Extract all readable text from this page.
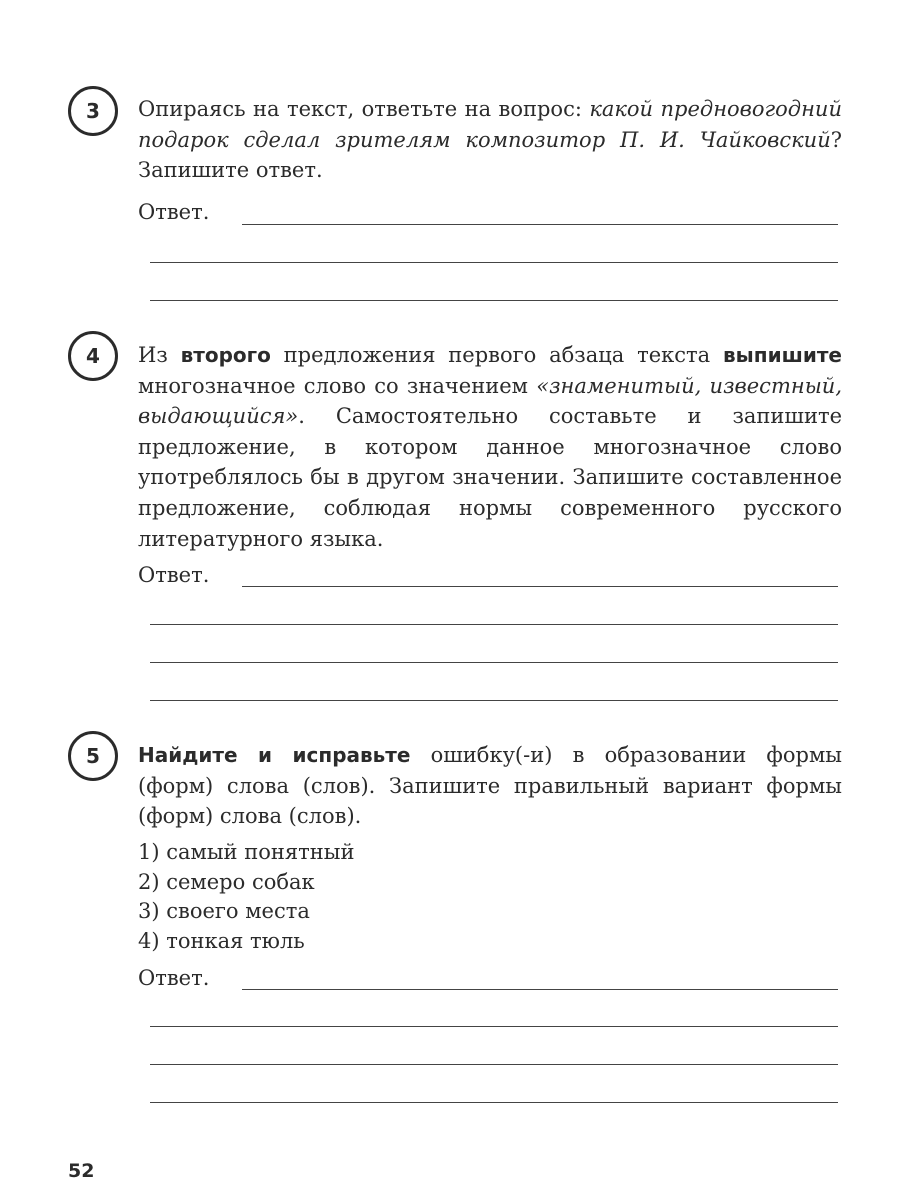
3	Опираясь на текст, ответьте на вопрос: какой предновогодний подарок сделал зрителям композитор П. И. Чайковский? Запишите ответ.
Ответ.
4	Из второго предложения первого абзаца текста выпишите многозначное слово со значением «знаменитый, известный, выдающийся». Самостоятельно составьте и запишите предложение, в котором данное многозначное слово употреблялось бы в другом значении. Запишите составленное предложение, соблюдая нормы современного русского литературного языка.
Ответ.
5	Найдите и исправьте ошибку(-и) в образовании формы (форм) слова (слов). Запишите правильный вариант формы (форм) слова (слов).
1) самый понятный
2) семеро собак
3) своего места
4) тонкая тюль
Ответ.
52
